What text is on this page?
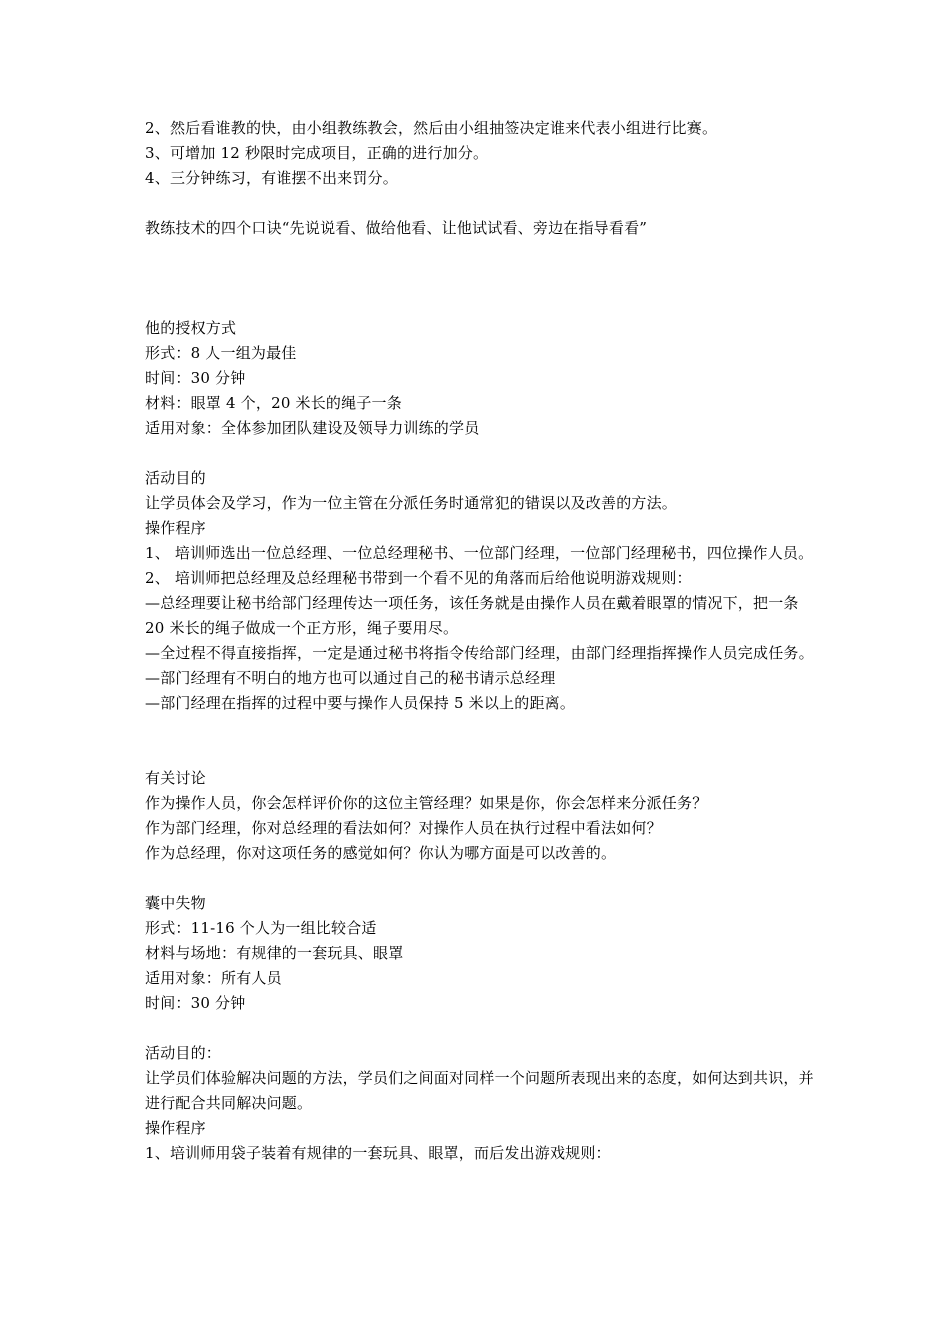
2、然后看谁教的快，由小组教练教会，然后由小组抽签决定谁来代表小组进行比赛。
3、可增加 12 秒限时完成项目，正确的进行加分。
4、三分钟练习，有谁摆不出来罚分。
教练技术的四个口诀“先说说看、做给他看、让他试试看、旁边在指导看看”
他的授权方式
形式：8 人一组为最佳
时间：30 分钟
材料：眼罩 4 个，20 米长的绳子一条
适用对象：全体参加团队建设及领导力训练的学员
活动目的
让学员体会及学习，作为一位主管在分派任务时通常犯的错误以及改善的方法。
操作程序
1、 培训师选出一位总经理、一位总经理秘书、一位部门经理，一位部门经理秘书，四位操作人员。
2、 培训师把总经理及总经理秘书带到一个看不见的角落而后给他说明游戏规则：
—总经理要让秘书给部门经理传达一项任务，该任务就是由操作人员在戴着眼罩的情况下，把一条 20 米长的绳子做成一个正方形，绳子要用尽。
—全过程不得直接指挥，一定是通过秘书将指令传给部门经理，由部门经理指挥操作人员完成任务。
—部门经理有不明白的地方也可以通过自己的秘书请示总经理
—部门经理在指挥的过程中要与操作人员保持 5 米以上的距离。
有关讨论
作为操作人员，你会怎样评价你的这位主管经理？如果是你，你会怎样来分派任务？
作为部门经理，你对总经理的看法如何？对操作人员在执行过程中看法如何？
作为总经理，你对这项任务的感觉如何？你认为哪方面是可以改善的。
囊中失物
形式：11-16 个人为一组比较合适
材料与场地：有规律的一套玩具、眼罩
适用对象：所有人员
时间：30 分钟
活动目的：
让学员们体验解决问题的方法，学员们之间面对同样一个问题所表现出来的态度，如何达到共识，并进行配合共同解决问题。
操作程序
1、培训师用袋子装着有规律的一套玩具、眼罩，而后发出游戏规则：
